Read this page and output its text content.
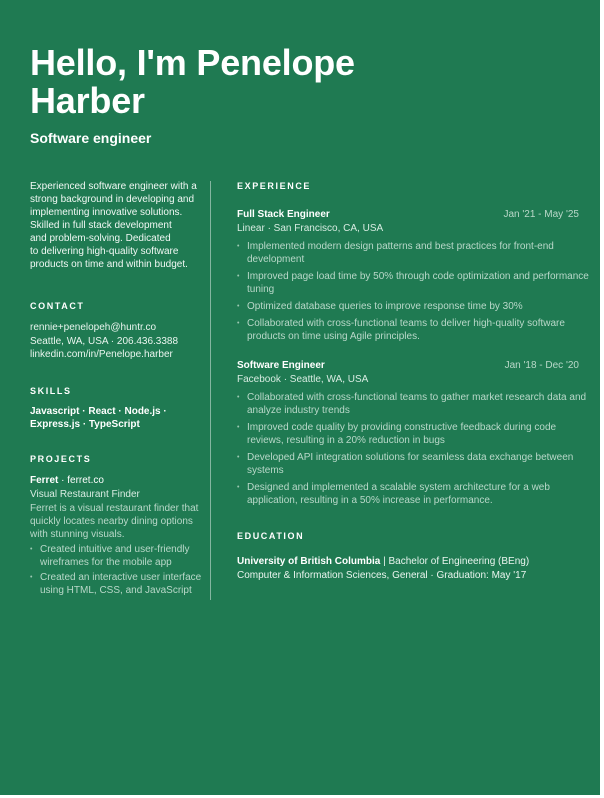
Hello, I'm Penelope
Harber
Software engineer
Experienced software engineer with a
strong background in developing and
implementing innovative solutions.
Skilled in full stack development
and problem-solving. Dedicated
to delivering high-quality software
products on time and within budget.
CONTACT
rennie+penelopeh@huntr.co
Seattle, WA, USA · 206.436.3388
linkedin.com/in/Penelope.harber
SKILLS
Javascript · React · Node.js ·
Express.js · TypeScript
PROJECTS
Ferret · ferret.co
Visual Restaurant Finder
Ferret is a visual restaurant finder that
quickly locates nearby dining options
with stunning visuals.
• Created intuitive and user-friendly
wireframes for the mobile app
• Created an interactive user interface
using HTML, CSS, and JavaScript
EXPERIENCE
Full Stack Engineer	Jan '21 - May '25
Linear · San Francisco, CA, USA
• Implemented modern design patterns and best practices for front-end
development
• Improved page load time by 50% through code optimization and performance
tuning
• Optimized database queries to improve response time by 30%
• Collaborated with cross-functional teams to deliver high-quality software
products on time using Agile principles.
Software Engineer	Jan '18 - Dec '20
Facebook · Seattle, WA, USA
• Collaborated with cross-functional teams to gather market research data and
analyze industry trends
• Improved code quality by providing constructive feedback during code
reviews, resulting in a 20% reduction in bugs
• Developed API integration solutions for seamless data exchange between
systems
• Designed and implemented a scalable system architecture for a web
application, resulting in a 50% increase in performance.
EDUCATION
University of British Columbia | Bachelor of Engineering (BEng)
Computer & Information Sciences, General · Graduation: May '17
